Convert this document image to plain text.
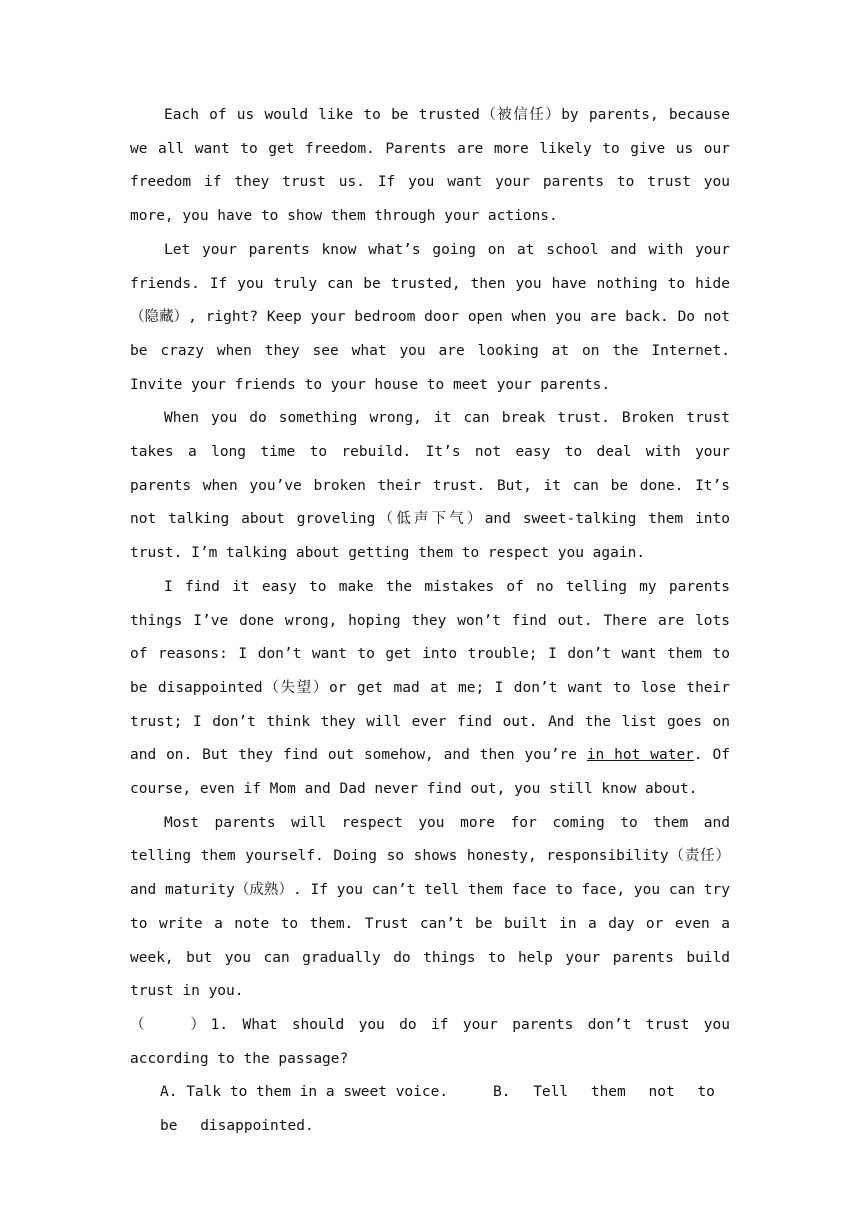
Each of us would like to be trusted（被信任）by parents, because we all want to get freedom. Parents are more likely to give us our freedom if they trust us. If you want your parents to trust you more, you have to show them through your actions.

Let your parents know what’s going on at school and with your friends. If you truly can be trusted, then you have nothing to hide（隐藏）, right? Keep your bedroom door open when you are back. Do not be crazy when they see what you are looking at on the Internet. Invite your friends to your house to meet your parents.

When you do something wrong, it can break trust. Broken trust takes a long time to rebuild. It’s not easy to deal with your parents when you’ve broken their trust. But, it can be done. It’s not talking about groveling（低声下气）and sweet-talking them into trust. I’m talking about getting them to respect you again.

I find it easy to make the mistakes of no telling my parents things I’ve done wrong, hoping they won’t find out. There are lots of reasons: I don’t want to get into trouble; I don’t want them to be disappointed（失望）or get mad at me; I don’t want to lose their trust; I don’t think they will ever find out. And the list goes on and on. But they find out somehow, and then you’re in hot water. Of course, even if Mom and Dad never find out, you still know about.

Most parents will respect you more for coming to them and telling them yourself. Doing so shows honesty, responsibility（责任）and maturity（成熟）. If you can’t tell them face to face, you can try to write a note to them. Trust can’t be built in a day or even a week, but you can gradually do things to help your parents build trust in you.

（　　）1. What should you do if your parents don’t trust you according to the passage?

A. Talk to them in a sweet voice.	B. Tell them not to be disappointed.
